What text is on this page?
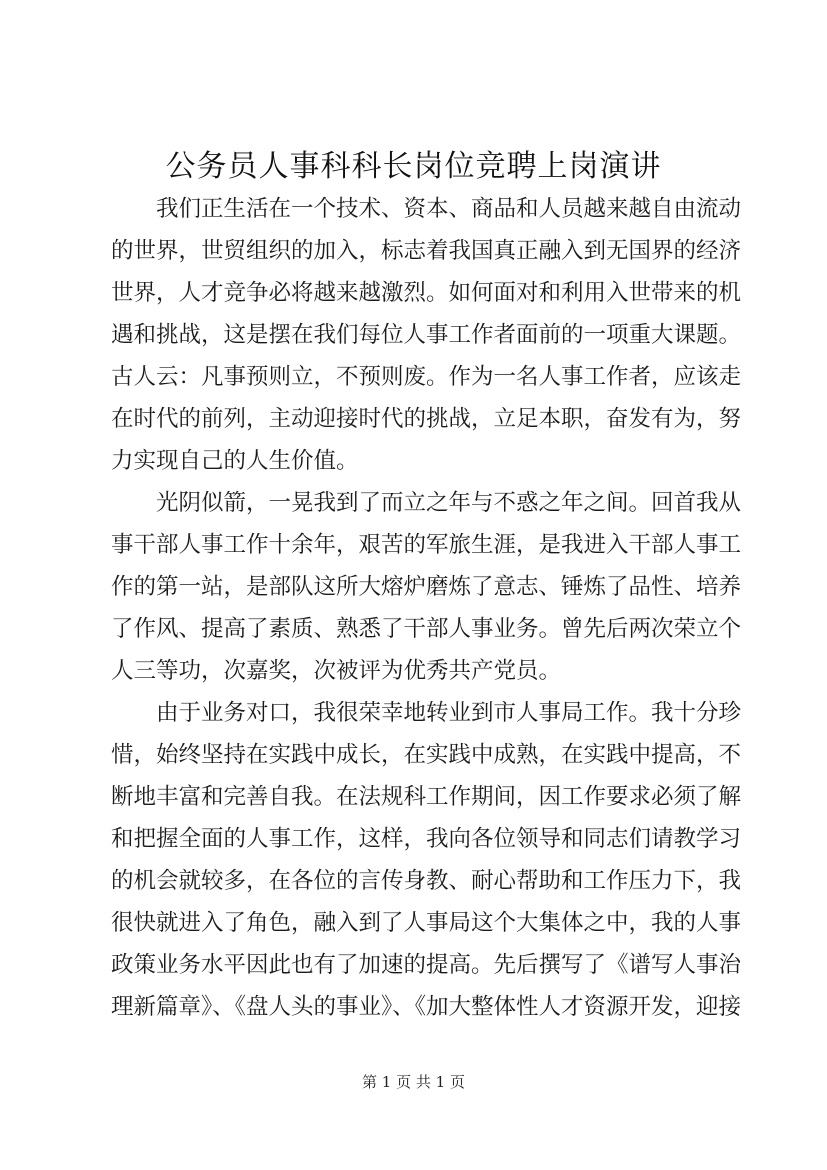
公务员人事科科长岗位竞聘上岗演讲
　　我们正生活在一个技术、资本、商品和人员越来越自由流动
的世界，世贸组织的加入，标志着我国真正融入到无国界的经济
世界，人才竞争必将越来越激烈。如何面对和利用入世带来的机
遇和挑战，这是摆在我们每位人事工作者面前的一项重大课题。
古人云：凡事预则立，不预则废。作为一名人事工作者，应该走
在时代的前列，主动迎接时代的挑战，立足本职，奋发有为，努
力实现自己的人生价值。
　　光阴似箭，一晃我到了而立之年与不惑之年之间。回首我从
事干部人事工作十余年，艰苦的军旅生涯，是我进入干部人事工
作的第一站，是部队这所大熔炉磨炼了意志、锤炼了品性、培养
了作风、提高了素质、熟悉了干部人事业务。曾先后两次荣立个
人三等功，次嘉奖，次被评为优秀共产党员。
　　由于业务对口，我很荣幸地转业到市人事局工作。我十分珍
惜，始终坚持在实践中成长，在实践中成熟，在实践中提高，不
断地丰富和完善自我。在法规科工作期间，因工作要求必须了解
和把握全面的人事工作，这样，我向各位领导和同志们请教学习
的机会就较多，在各位的言传身教、耐心帮助和工作压力下，我
很快就进入了角色，融入到了人事局这个大集体之中，我的人事
政策业务水平因此也有了加速的提高。先后撰写了《谱写人事治
理新篇章》、《盘人头的事业》、《加大整体性人才资源开发，迎接
第 1 页 共 1 页
